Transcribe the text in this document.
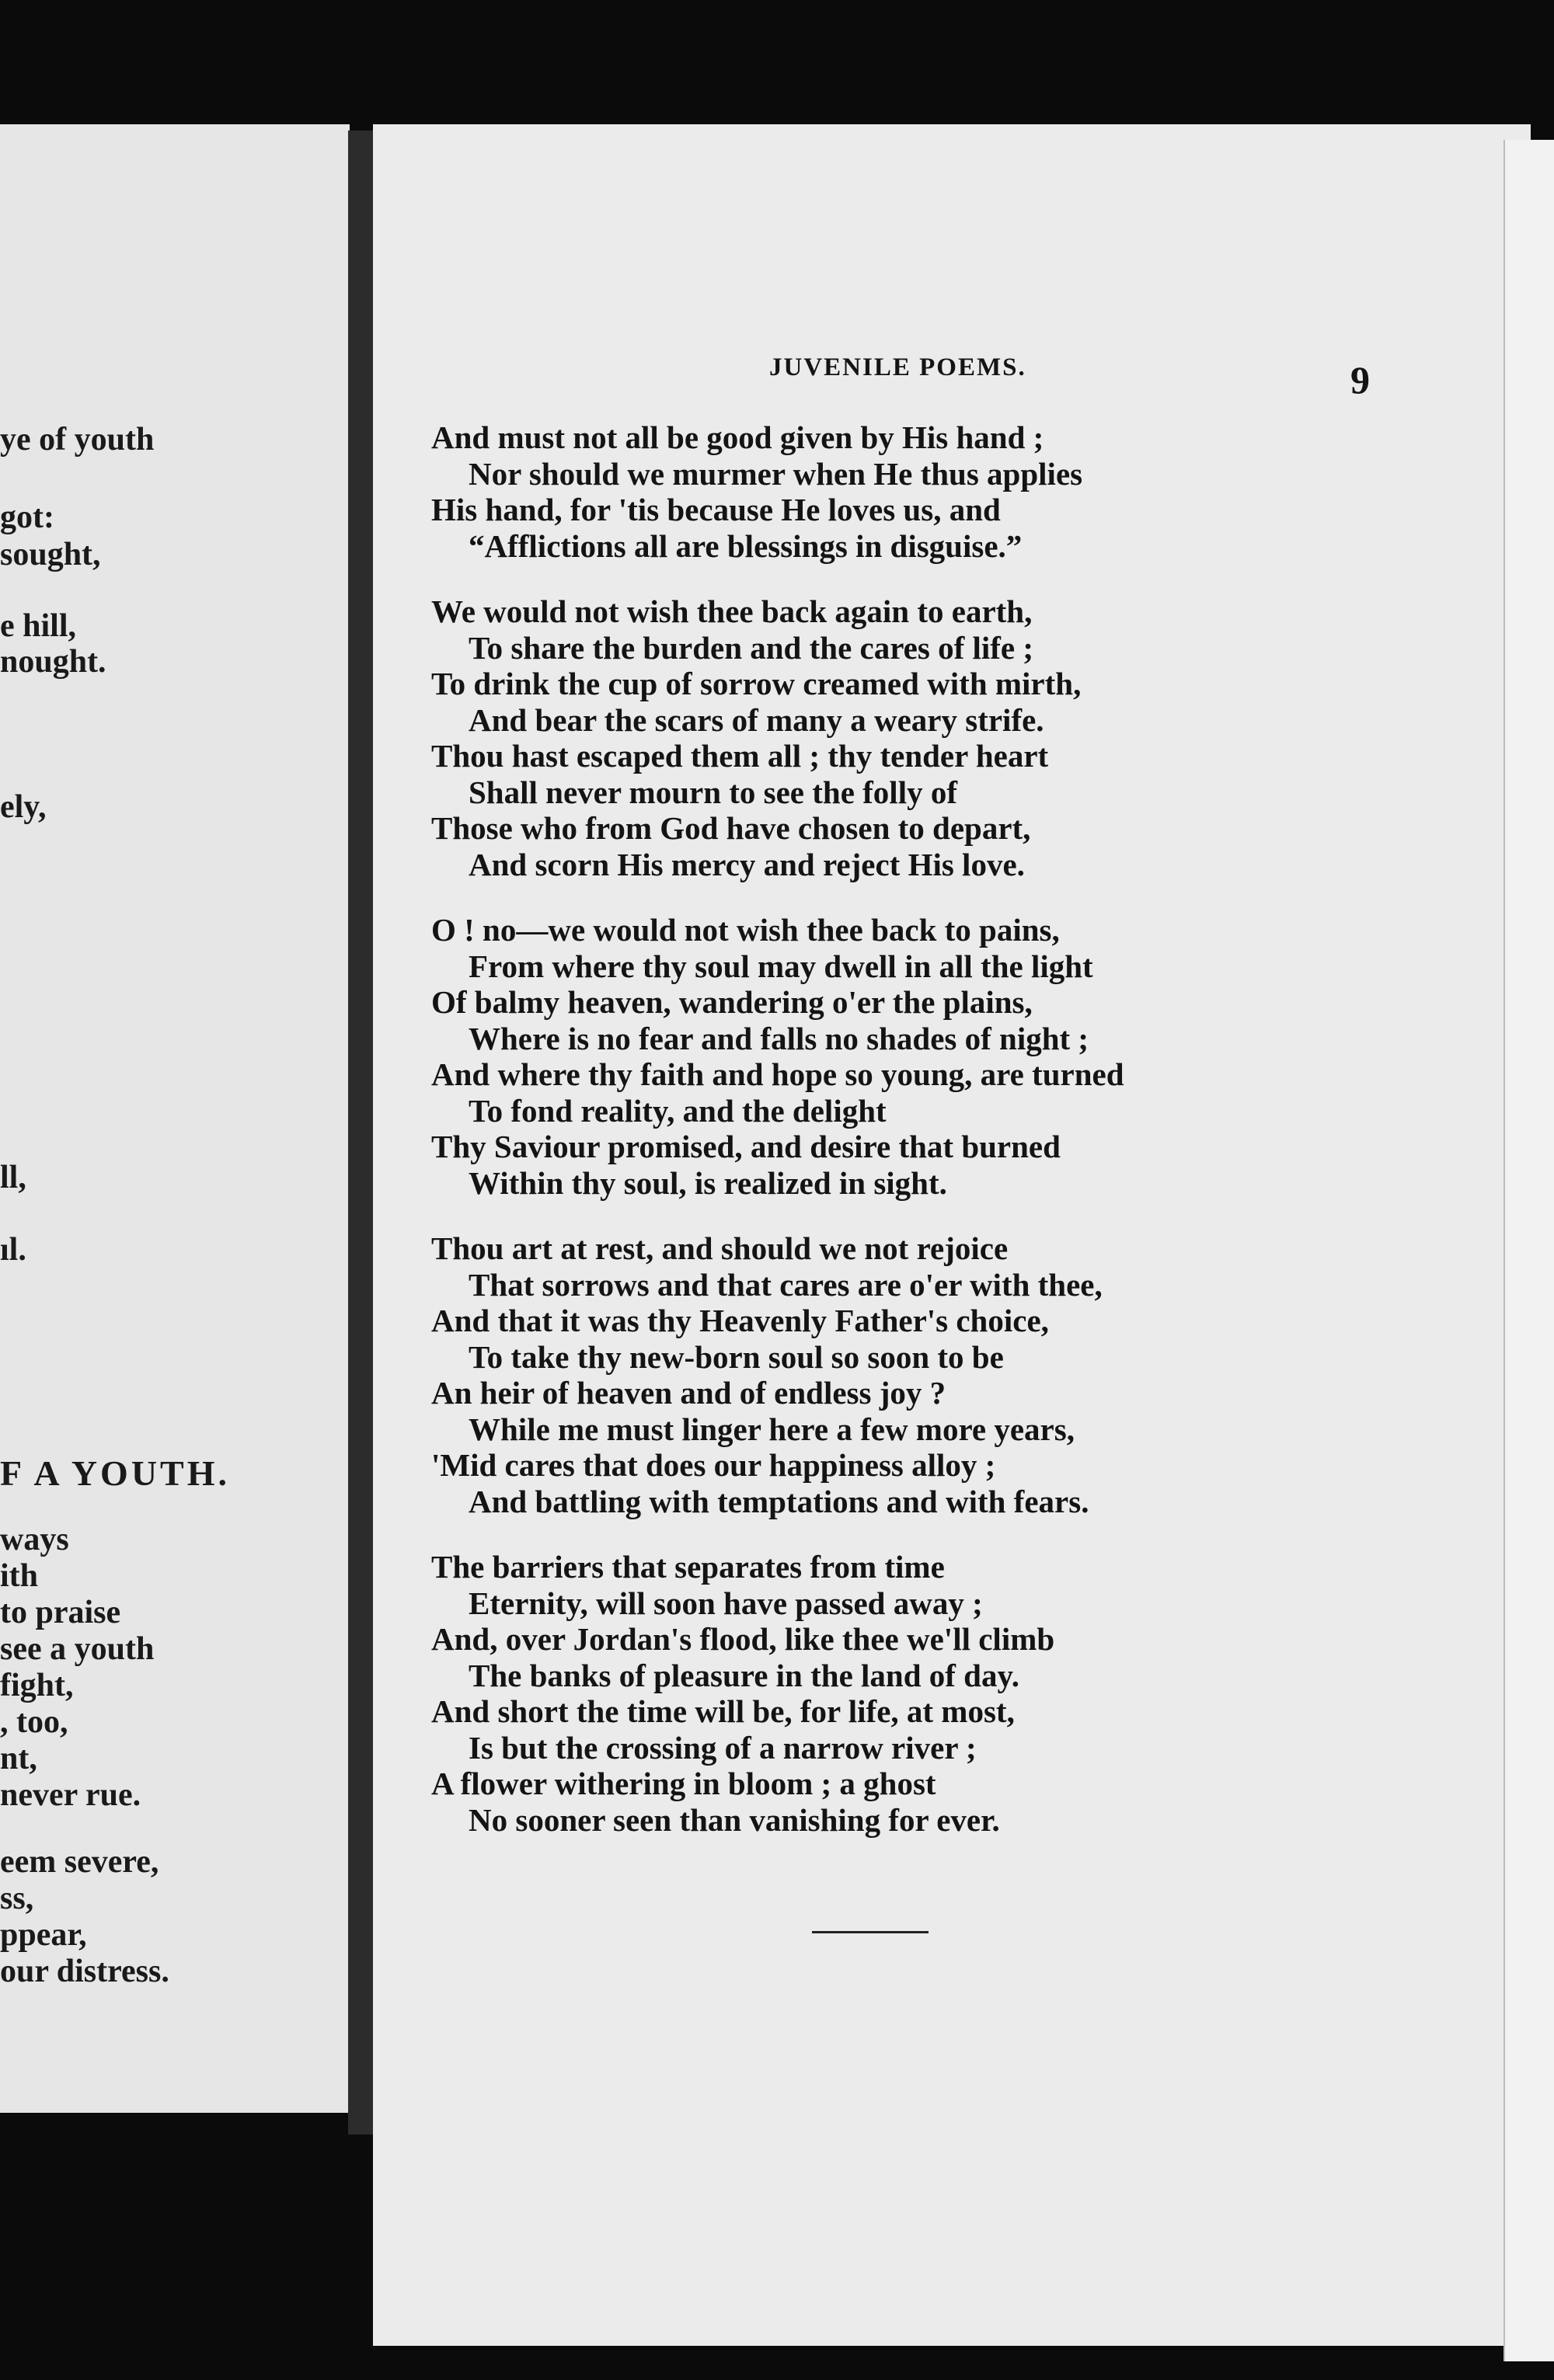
ye of youth
got:
sought,
e hill,
nought.
ely,
ll,
ıl.
F A YOUTH.
ways
ith
to praise
see a youth
fight,
, too,
nt,
never rue.
eem severe,
ss,
ppear,
our distress.
JUVENILE POEMS.	9
And must not all be good given by His hand ;
Nor should we murmer when He thus applies
His hand, for 'tis because He loves us, and
“Afflictions all are blessings in disguise.”
We would not wish thee back again to earth,
To share the burden and the cares of life ;
To drink the cup of sorrow creamed with mirth,
And bear the scars of many a weary strife.
Thou hast escaped them all ; thy tender heart
Shall never mourn to see the folly of
Those who from God have chosen to depart,
And scorn His mercy and reject His love.
O ! no—we would not wish thee back to pains,
From where thy soul may dwell in all the light
Of balmy heaven, wandering o'er the plains,
Where is no fear and falls no shades of night ;
And where thy faith and hope so young, are turned
To fond reality, and the delight
Thy Saviour promised, and desire that burned
Within thy soul, is realized in sight.
Thou art at rest, and should we not rejoice
That sorrows and that cares are o'er with thee,
And that it was thy Heavenly Father's choice,
To take thy new-born soul so soon to be
An heir of heaven and of endless joy ?
While me must linger here a few more years,
'Mid cares that does our happiness alloy ;
And battling with temptations and with fears.
The barriers that separates from time
Eternity, will soon have passed away ;
And, over Jordan's flood, like thee we'll climb
The banks of pleasure in the land of day.
And short the time will be, for life, at most,
Is but the crossing of a narrow river ;
A flower withering in bloom ; a ghost
No sooner seen than vanishing for ever.
